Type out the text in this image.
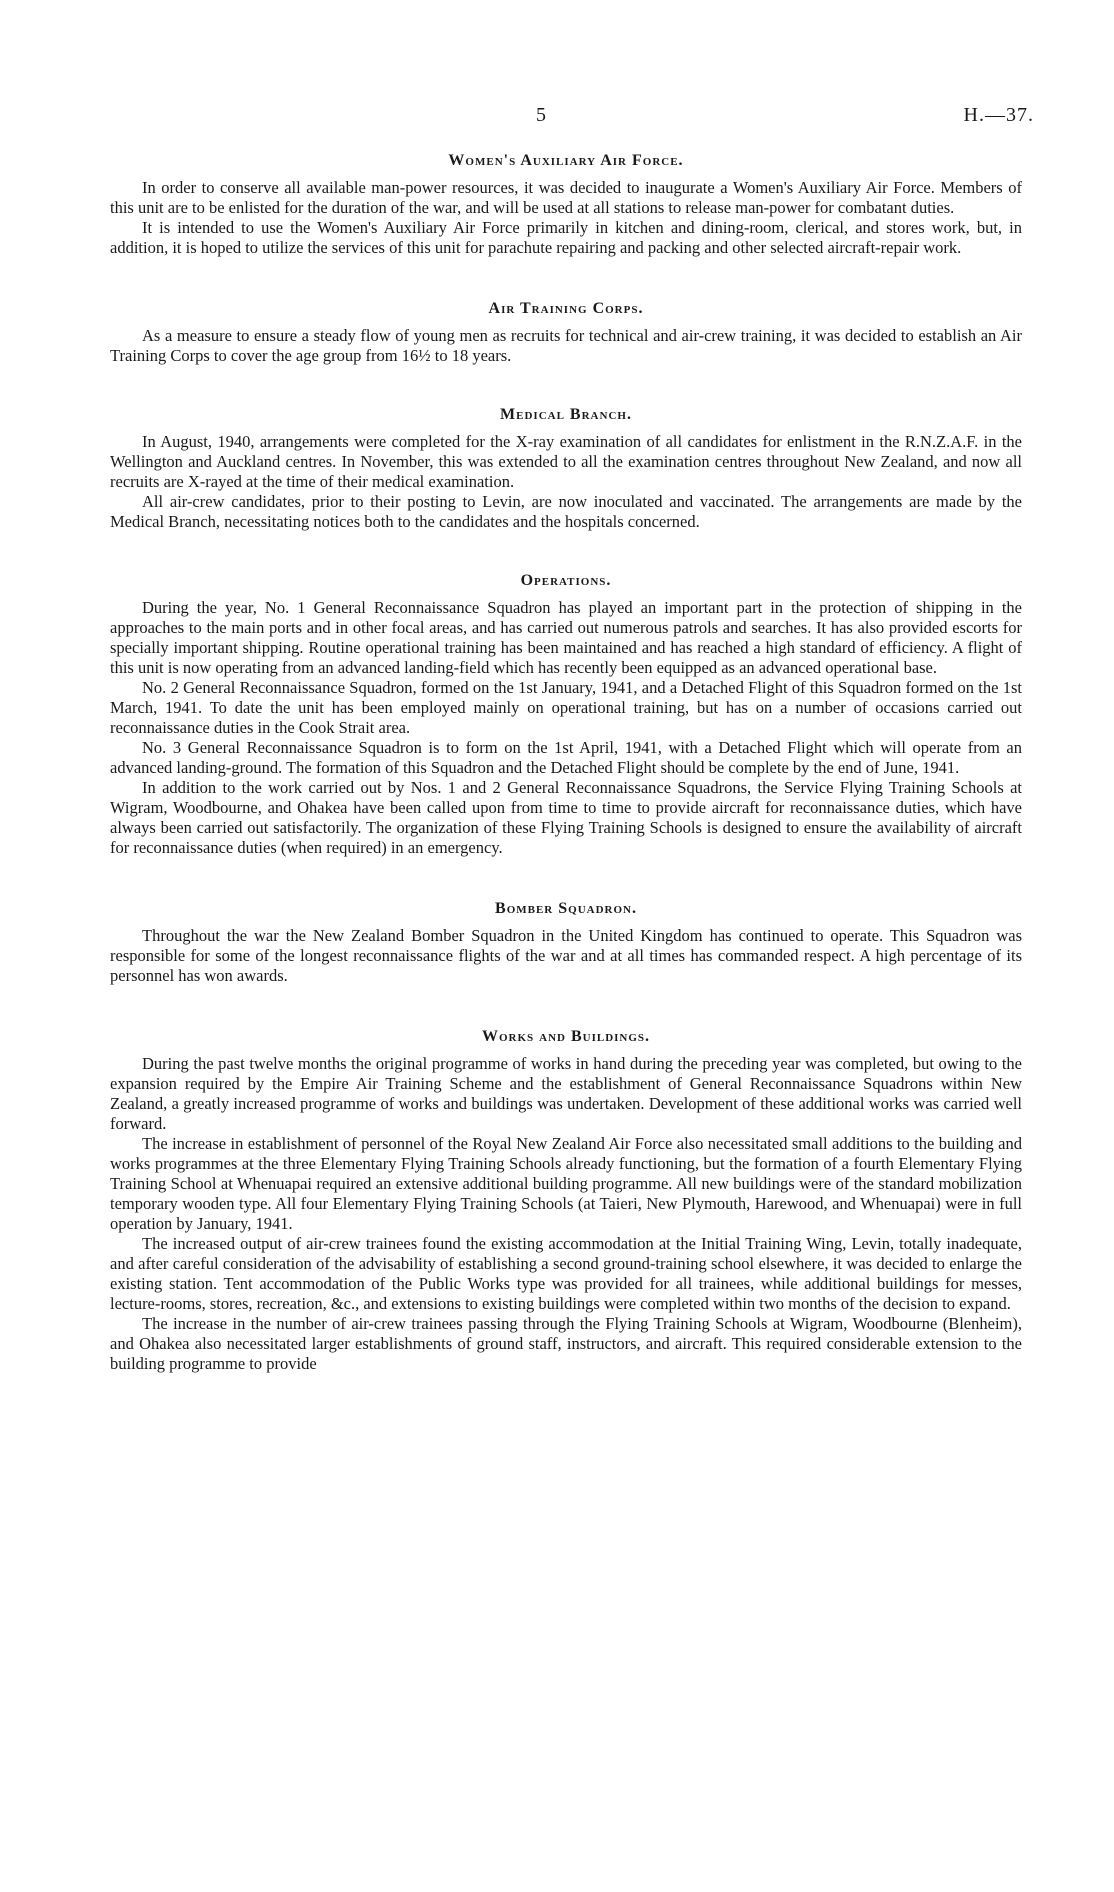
5	H.—37.
Women's Auxiliary Air Force.

In order to conserve all available man-power resources, it was decided to inaugurate a Women's Auxiliary Air Force. Members of this unit are to be enlisted for the duration of the war, and will be used at all stations to release man-power for combatant duties.

It is intended to use the Women's Auxiliary Air Force primarily in kitchen and dining-room, clerical, and stores work, but, in addition, it is hoped to utilize the services of this unit for parachute repairing and packing and other selected aircraft-repair work.

Air Training Corps.

As a measure to ensure a steady flow of young men as recruits for technical and air-crew training, it was decided to establish an Air Training Corps to cover the age group from 16½ to 18 years.

Medical Branch.

In August, 1940, arrangements were completed for the X-ray examination of all candidates for enlistment in the R.N.Z.A.F. in the Wellington and Auckland centres. In November, this was extended to all the examination centres throughout New Zealand, and now all recruits are X-rayed at the time of their medical examination.

All air-crew candidates, prior to their posting to Levin, are now inoculated and vaccinated. The arrangements are made by the Medical Branch, necessitating notices both to the candidates and the hospitals concerned.

Operations.

During the year, No. 1 General Reconnaissance Squadron has played an important part in the protection of shipping in the approaches to the main ports and in other focal areas, and has carried out numerous patrols and searches. It has also provided escorts for specially important shipping. Routine operational training has been maintained and has reached a high standard of efficiency. A flight of this unit is now operating from an advanced landing-field which has recently been equipped as an advanced operational base.

No. 2 General Reconnaissance Squadron, formed on the 1st January, 1941, and a Detached Flight of this Squadron formed on the 1st March, 1941. To date the unit has been employed mainly on operational training, but has on a number of occasions carried out reconnaissance duties in the Cook Strait area.

No. 3 General Reconnaissance Squadron is to form on the 1st April, 1941, with a Detached Flight which will operate from an advanced landing-ground. The formation of this Squadron and the Detached Flight should be complete by the end of June, 1941.

In addition to the work carried out by Nos. 1 and 2 General Reconnaissance Squadrons, the Service Flying Training Schools at Wigram, Woodbourne, and Ohakea have been called upon from time to time to provide aircraft for reconnaissance duties, which have always been carried out satisfactorily. The organization of these Flying Training Schools is designed to ensure the availability of aircraft for reconnaissance duties (when required) in an emergency.

Bomber Squadron.

Throughout the war the New Zealand Bomber Squadron in the United Kingdom has continued to operate. This Squadron was responsible for some of the longest reconnaissance flights of the war and at all times has commanded respect. A high percentage of its personnel has won awards.

Works and Buildings.

During the past twelve months the original programme of works in hand during the preceding year was completed, but owing to the expansion required by the Empire Air Training Scheme and the establishment of General Reconnaissance Squadrons within New Zealand, a greatly increased programme of works and buildings was undertaken. Development of these additional works was carried well forward.

The increase in establishment of personnel of the Royal New Zealand Air Force also necessitated small additions to the building and works programmes at the three Elementary Flying Training Schools already functioning, but the formation of a fourth Elementary Flying Training School at Whenuapai required an extensive additional building programme. All new buildings were of the standard mobilization temporary wooden type. All four Elementary Flying Training Schools (at Taieri, New Plymouth, Harewood, and Whenuapai) were in full operation by January, 1941.

The increased output of air-crew trainees found the existing accommodation at the Initial Training Wing, Levin, totally inadequate, and after careful consideration of the advisability of establishing a second ground-training school elsewhere, it was decided to enlarge the existing station. Tent accommodation of the Public Works type was provided for all trainees, while additional buildings for messes, lecture-rooms, stores, recreation, &c., and extensions to existing buildings were completed within two months of the decision to expand.

The increase in the number of air-crew trainees passing through the Flying Training Schools at Wigram, Woodbourne (Blenheim), and Ohakea also necessitated larger establishments of ground staff, instructors, and aircraft. This required considerable extension to the building programme to provide
